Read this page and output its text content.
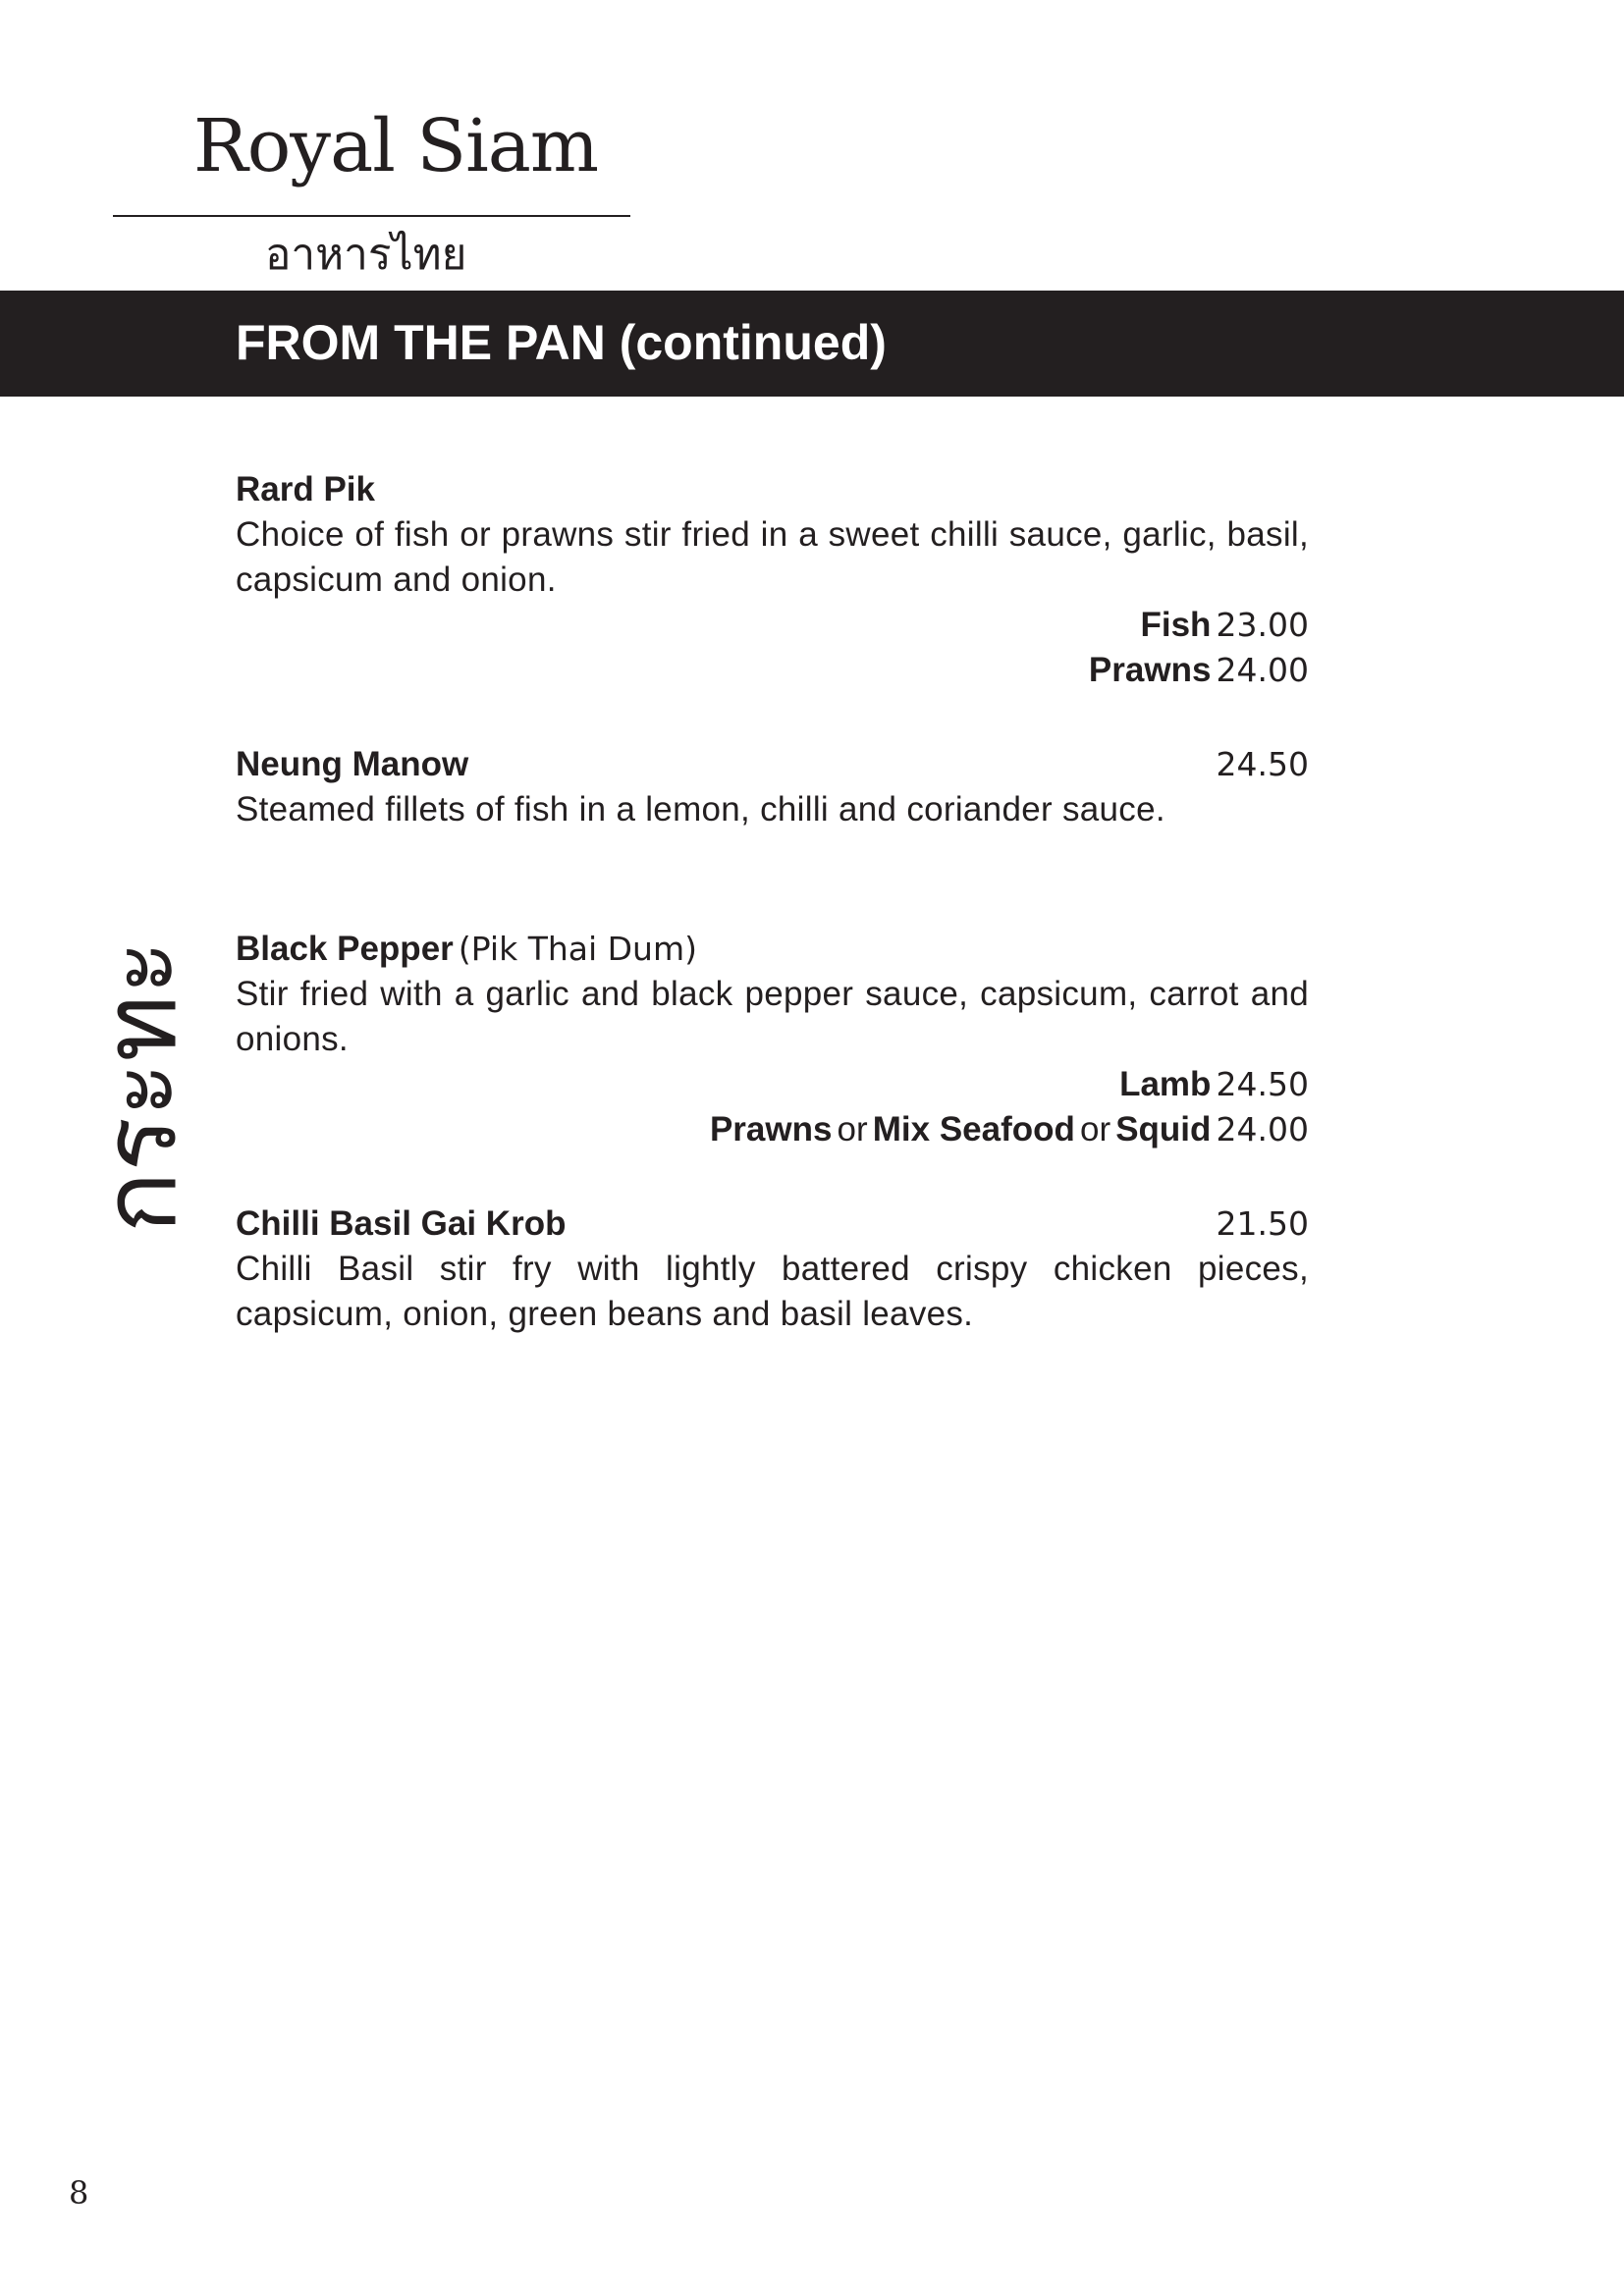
Royal Siam
อาหารไทย
FROM THE PAN (continued)
กระทะ
Rard Pik
Choice of fish or prawns stir fried in a sweet chilli sauce, garlic, basil, capsicum and onion.
Fish 23.00
Prawns 24.00
Neung Manow	24.50
Steamed fillets of fish in a lemon, chilli and coriander sauce.
Black Pepper (Pik Thai Dum)
Stir fried with a garlic and black pepper sauce, capsicum, carrot and onions.
Lamb 24.50
Prawns or Mix Seafood or Squid 24.00
Chilli Basil Gai Krob	21.50
Chilli Basil stir fry with lightly battered crispy chicken pieces, capsicum, onion, green beans and basil leaves.
8
